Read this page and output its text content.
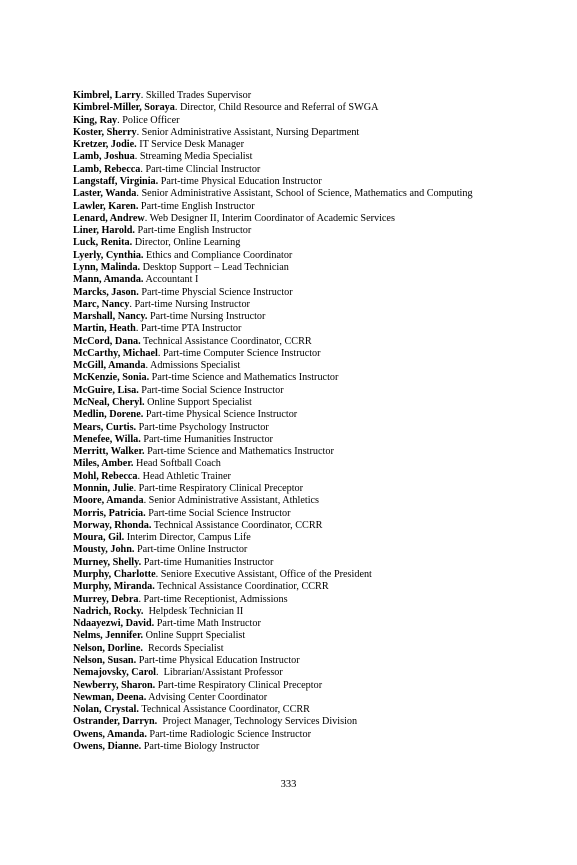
Kimbrel, Larry. Skilled Trades Supervisor
Kimbrel-Miller, Soraya. Director, Child Resource and Referral of SWGA
King, Ray. Police Officer
Koster, Sherry. Senior Administrative Assistant, Nursing Department
Kretzer, Jodie. IT Service Desk Manager
Lamb, Joshua. Streaming Media Specialist
Lamb, Rebecca. Part-time Clincial Instructor
Langstaff, Virginia. Part-time Physical Education Instructor
Laster, Wanda. Senior Administrative Assistant, School of Science, Mathematics and Computing
Lawler, Karen. Part-time English Instructor
Lenard, Andrew. Web Designer II, Interim Coordinator of Academic Services
Liner, Harold. Part-time English Instructor
Luck, Renita. Director, Online Learning
Lyerly, Cynthia. Ethics and Compliance Coordinator
Lynn, Malinda. Desktop Support – Lead Technician
Mann, Amanda. Accountant I
Marcks, Jason. Part-time Physcial Science Instructor
Marc, Nancy. Part-time Nursing Instructor
Marshall, Nancy. Part-time Nursing Instructor
Martin, Heath. Part-time PTA Instructor
McCord, Dana. Technical Assistance Coordinator, CCRR
McCarthy, Michael. Part-time Computer Science Instructor
McGill, Amanda. Admissions Specialist
McKenzie, Sonia. Part-time Science and Mathematics Instructor
McGuire, Lisa. Part-time Social Science Instructor
McNeal, Cheryl. Online Support Specialist
Medlin, Dorene. Part-time Physical Science Instructor
Mears, Curtis. Part-time Psychology Instructor
Menefee, Willa. Part-time Humanities Instructor
Merritt, Walker. Part-time Science and Mathematics Instructor
Miles, Amber. Head Softball Coach
Mohl, Rebecca. Head Athletic Trainer
Monnin, Julie. Part-time Respiratory Clinical Preceptor
Moore, Amanda. Senior Administrative Assistant, Athletics
Morris, Patricia. Part-time Social Science Instructor
Morway, Rhonda. Technical Assistance Coordinator, CCRR
Moura, Gil. Interim Director, Campus Life
Mousty, John. Part-time Online Instructor
Murney, Shelly. Part-time Humanities Instructor
Murphy, Charlotte. Seniore Executive Assistant, Office of the President
Murphy, Miranda. Technical Assistance Coordinatior, CCRR
Murrey, Debra. Part-time Receptionist, Admissions
Nadrich, Rocky. Helpdesk Technician II
Ndaayezwi, David. Part-time Math Instructor
Nelms, Jennifer. Online Supprt Specialist
Nelson, Dorline. Records Specialist
Nelson, Susan. Part-time Physical Education Instructor
Nemajovsky, Carol.  Librarian/Assistant Professor
Newberry, Sharon. Part-time Respiratory Clinical Preceptor
Newman, Deena. Advising Center Coordinator
Nolan, Crystal. Technical Assistance Coordinator, CCRR
Ostrander, Darryn. Project Manager, Technology Services Division
Owens, Amanda. Part-time Radiologic Science Instructor
Owens, Dianne. Part-time Biology Instructor
333
